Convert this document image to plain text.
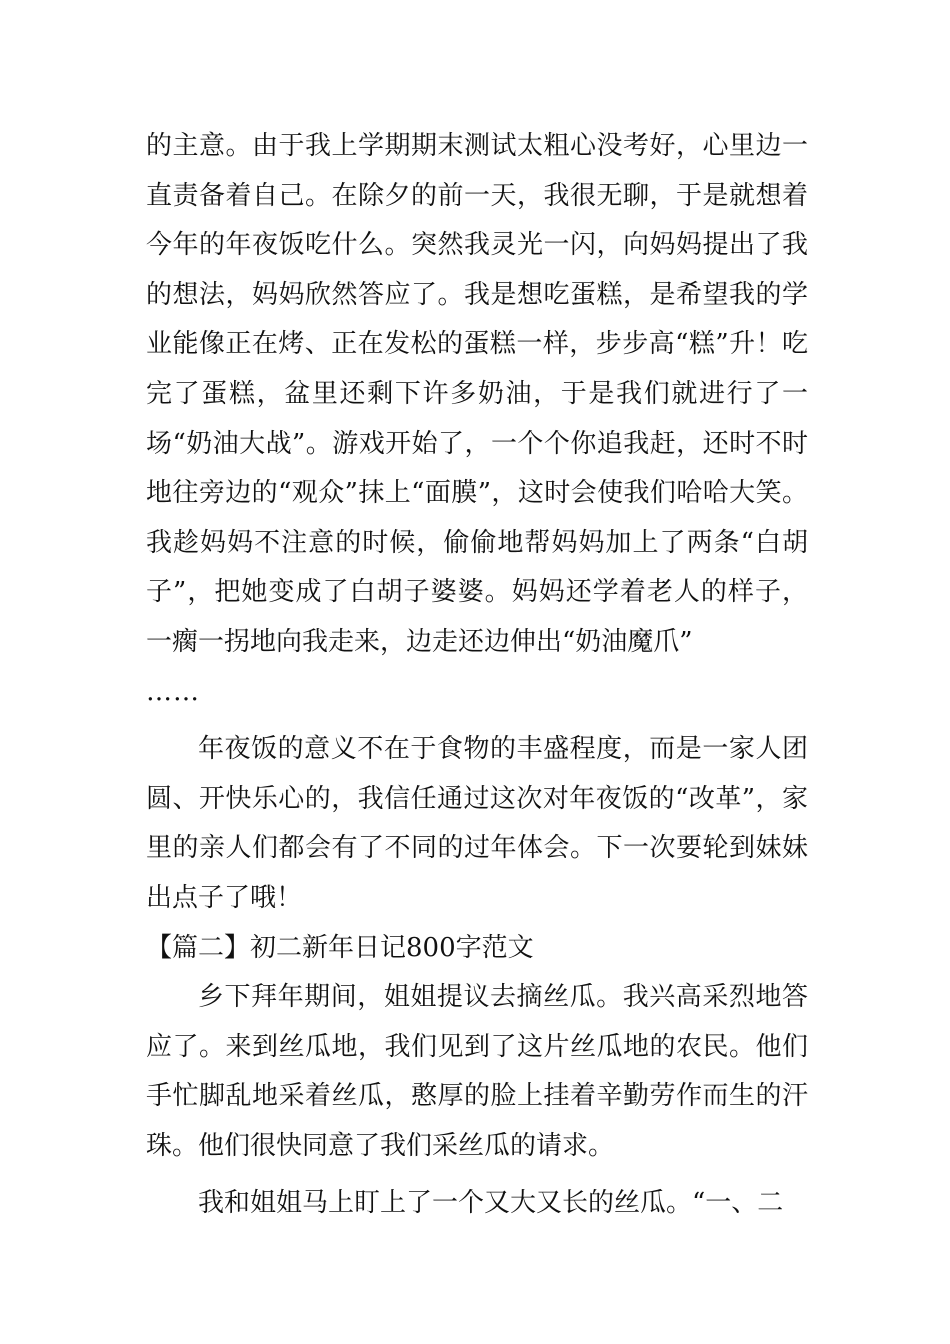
的主意。由于我上学期期末测试太粗心没考好，心里边一直责备着自己。在除夕的前一天，我很无聊，于是就想着今年的年夜饭吃什么。突然我灵光一闪，向妈妈提出了我的想法，妈妈欣然答应了。我是想吃蛋糕，是希望我的学业能像正在烤、正在发松的蛋糕一样，步步高“糕”升！吃完了蛋糕，盆里还剩下许多奶油，于是我们就进行了一场“奶油大战”。游戏开始了，一个个你追我赶，还时不时地往旁边的“观众”抹上“面膜”，这时会使我们哈哈大笑。我趁妈妈不注意的时候，偷偷地帮妈妈加上了两条“白胡子”，把她变成了白胡子婆婆。妈妈还学着老人的样子，一瘸一拐地向我走来，边走还边伸出“奶油魔爪”

……

年夜饭的意义不在于食物的丰盛程度，而是一家人团圆、开快乐心的，我信任通过这次对年夜饭的“改革”，家里的亲人们都会有了不同的过年体会。下一次要轮到妹妹出点子了哦！

【篇二】初二新年日记800字范文

乡下拜年期间，姐姐提议去摘丝瓜。我兴高采烈地答应了。来到丝瓜地，我们见到了这片丝瓜地的农民。他们手忙脚乱地采着丝瓜，憨厚的脸上挂着辛勤劳作而生的汗珠。他们很快同意了我们采丝瓜的请求。

我和姐姐马上盯上了一个又大又长的丝瓜。“一、二
